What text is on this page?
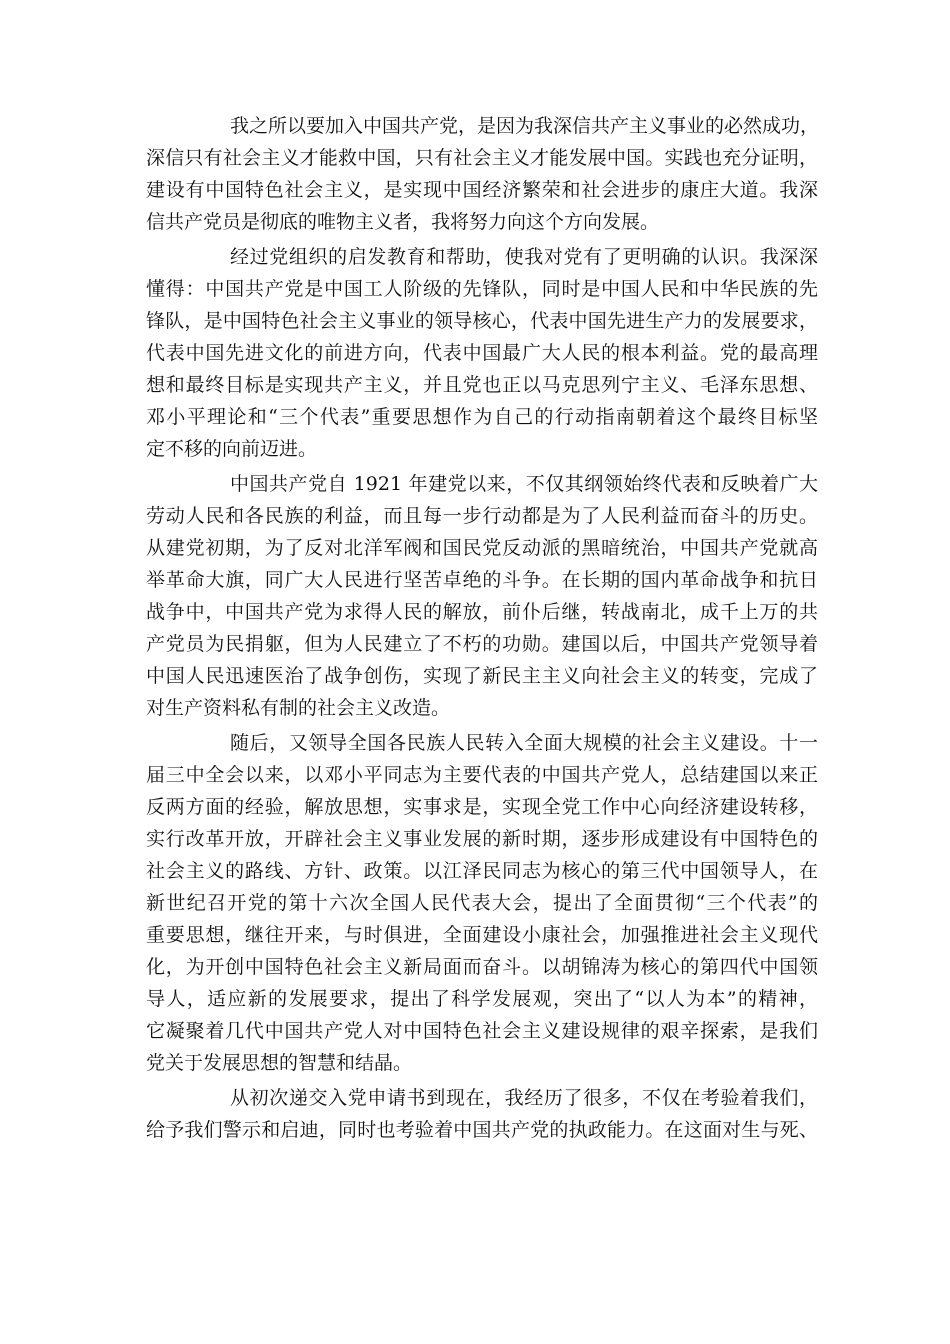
我之所以要加入中国共产党，是因为我深信共产主义事业的必然成功，
深信只有社会主义才能救中国，只有社会主义才能发展中国。实践也充分证明，
建设有中国特色社会主义，是实现中国经济繁荣和社会进步的康庄大道。我深
信共产党员是彻底的唯物主义者，我将努力向这个方向发展。
经过党组织的启发教育和帮助，使我对党有了更明确的认识。我深深
懂得：中国共产党是中国工人阶级的先锋队，同时是中国人民和中华民族的先
锋队，是中国特色社会主义事业的领导核心，代表中国先进生产力的发展要求，
代表中国先进文化的前进方向，代表中国最广大人民的根本利益。党的最高理
想和最终目标是实现共产主义，并且党也正以马克思列宁主义、毛泽东思想、
邓小平理论和“三个代表”重要思想作为自己的行动指南朝着这个最终目标坚
定不移的向前迈进。
中国共产党自 1921 年建党以来，不仅其纲领始终代表和反映着广大
劳动人民和各民族的利益，而且每一步行动都是为了人民利益而奋斗的历史。
从建党初期，为了反对北洋军阀和国民党反动派的黑暗统治，中国共产党就高
举革命大旗，同广大人民进行坚苦卓绝的斗争。在长期的国内革命战争和抗日
战争中，中国共产党为求得人民的解放，前仆后继，转战南北，成千上万的共
产党员为民捐躯，但为人民建立了不朽的功勋。建国以后，中国共产党领导着
中国人民迅速医治了战争创伤，实现了新民主主义向社会主义的转变，完成了
对生产资料私有制的社会主义改造。
随后，又领导全国各民族人民转入全面大规模的社会主义建设。十一
届三中全会以来，以邓小平同志为主要代表的中国共产党人，总结建国以来正
反两方面的经验，解放思想，实事求是，实现全党工作中心向经济建设转移，
实行改革开放，开辟社会主义事业发展的新时期，逐步形成建设有中国特色的
社会主义的路线、方针、政策。以江泽民同志为核心的第三代中国领导人，在
新世纪召开党的第十六次全国人民代表大会，提出了全面贯彻“三个代表”的
重要思想，继往开来，与时俱进，全面建设小康社会，加强推进社会主义现代
化，为开创中国特色社会主义新局面而奋斗。以胡锦涛为核心的第四代中国领
导人，适应新的发展要求，提出了科学发展观，突出了“以人为本”的精神，
它凝聚着几代中国共产党人对中国特色社会主义建设规律的艰辛探索，是我们
党关于发展思想的智慧和结晶。
从初次递交入党申请书到现在，我经历了很多，不仅在考验着我们，
给予我们警示和启迪，同时也考验着中国共产党的执政能力。在这面对生与死、
